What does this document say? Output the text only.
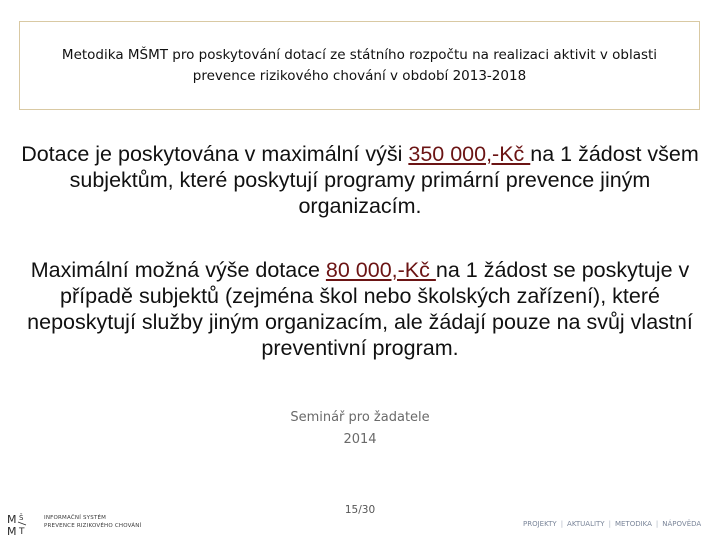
Metodika MŠMT pro poskytování dotací ze státního rozpočtu na realizaci aktivit v oblasti
prevence rizikového chování v období 2013-2018
Dotace je poskytována v maximální výši 350 000,-Kč na 1 žádost všem subjektům, které poskytují programy primární prevence jiným organizacím.
Maximální možná výše dotace 80 000,-Kč na 1 žádost se poskytuje v případě subjektů (zejména škol nebo školských zařízení), které neposkytují služby jiným organizacím, ale žádají pouze na svůj vlastní preventivní program.
Seminář pro žadatele
2014
15/30
M Š
M T
INFORMAČNÍ SYSTÉM
PREVENCE RIZIKOVÉHO CHOVÁNÍ	PROJEKTY | AKTUALITY | METODIKA | NÁPOVĚDA
